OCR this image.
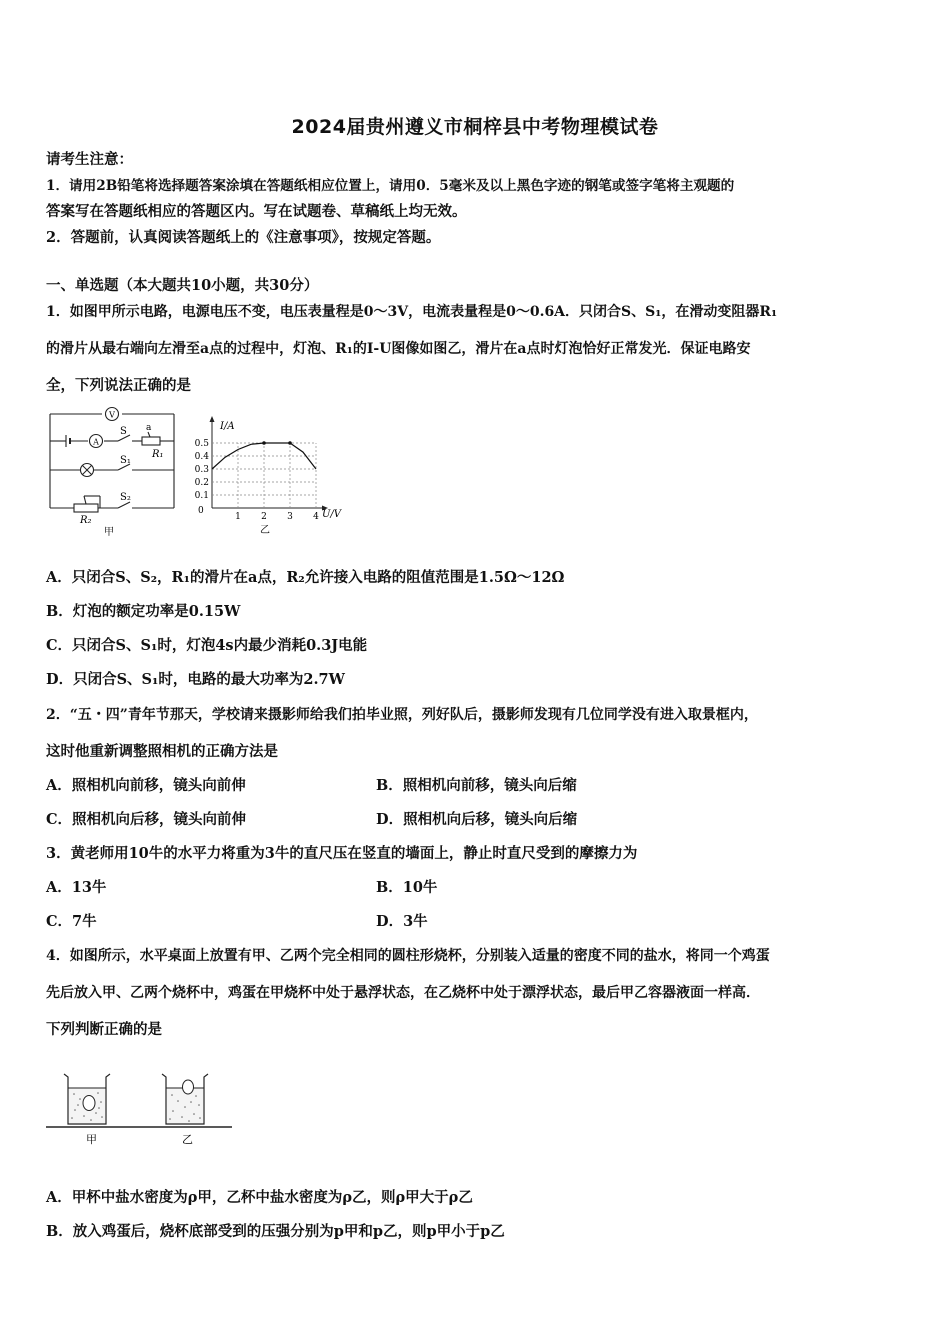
2024届贵州遵义市桐梓县中考物理模试卷
请考生注意：
1．请用2B铅笔将选择题答案涂填在答题纸相应位置上，请用0．5毫米及以上黑色字迹的钢笔或签字笔将主观题的
答案写在答题纸相应的答题区内。写在试题卷、草稿纸上均无效。
2．答题前，认真阅读答题纸上的《注意事项》，按规定答题。
一、单选题（本大题共10小题，共30分）
1．如图甲所示电路，电源电压不变，电压表量程是0～3V，电流表量程是0～0.6A．只闭合S、S₁，在滑动变阻器R₁
的滑片从最右端向左滑至a点的过程中，灯泡、R₁的I-U图像如图乙，滑片在a点时灯泡恰好正常发光．保证电路安
全，下列说法正确的是
V
A
S a
R₁
S₁
S₂
R₂
甲
0.5
0.4
0.3
0.2
0.1
1 2 3 4
I/A
U/V
0
乙
A．只闭合S、S₂，R₁的滑片在a点，R₂允许接入电路的阻值范围是1.5Ω～12Ω
B．灯泡的额定功率是0.15W
C．只闭合S、S₁时，灯泡4s内最少消耗0.3J电能
D．只闭合S、S₁时，电路的最大功率为2.7W
2．“五・四”青年节那天，学校请来摄影师给我们拍毕业照，列好队后，摄影师发现有几位同学没有进入取景框内，
这时他重新调整照相机的正确方法是
A．照相机向前移，镜头向前伸	B．照相机向前移，镜头向后缩
C．照相机向后移，镜头向前伸	D．照相机向后移，镜头向后缩
3．黄老师用10牛的水平力将重为3牛的直尺压在竖直的墙面上，静止时直尺受到的摩擦力为
A．13牛	B．10牛
C．7牛	D．3牛
4．如图所示，水平桌面上放置有甲、乙两个完全相同的圆柱形烧杯，分别装入适量的密度不同的盐水，将同一个鸡蛋
先后放入甲、乙两个烧杯中，鸡蛋在甲烧杯中处于悬浮状态，在乙烧杯中处于漂浮状态，最后甲乙容器液面一样高．
下列判断正确的是
甲	乙
A．甲杯中盐水密度为ρ甲，乙杯中盐水密度为ρ乙，则ρ甲大于ρ乙
B．放入鸡蛋后，烧杯底部受到的压强分别为p甲和p乙，则p甲小于p乙
